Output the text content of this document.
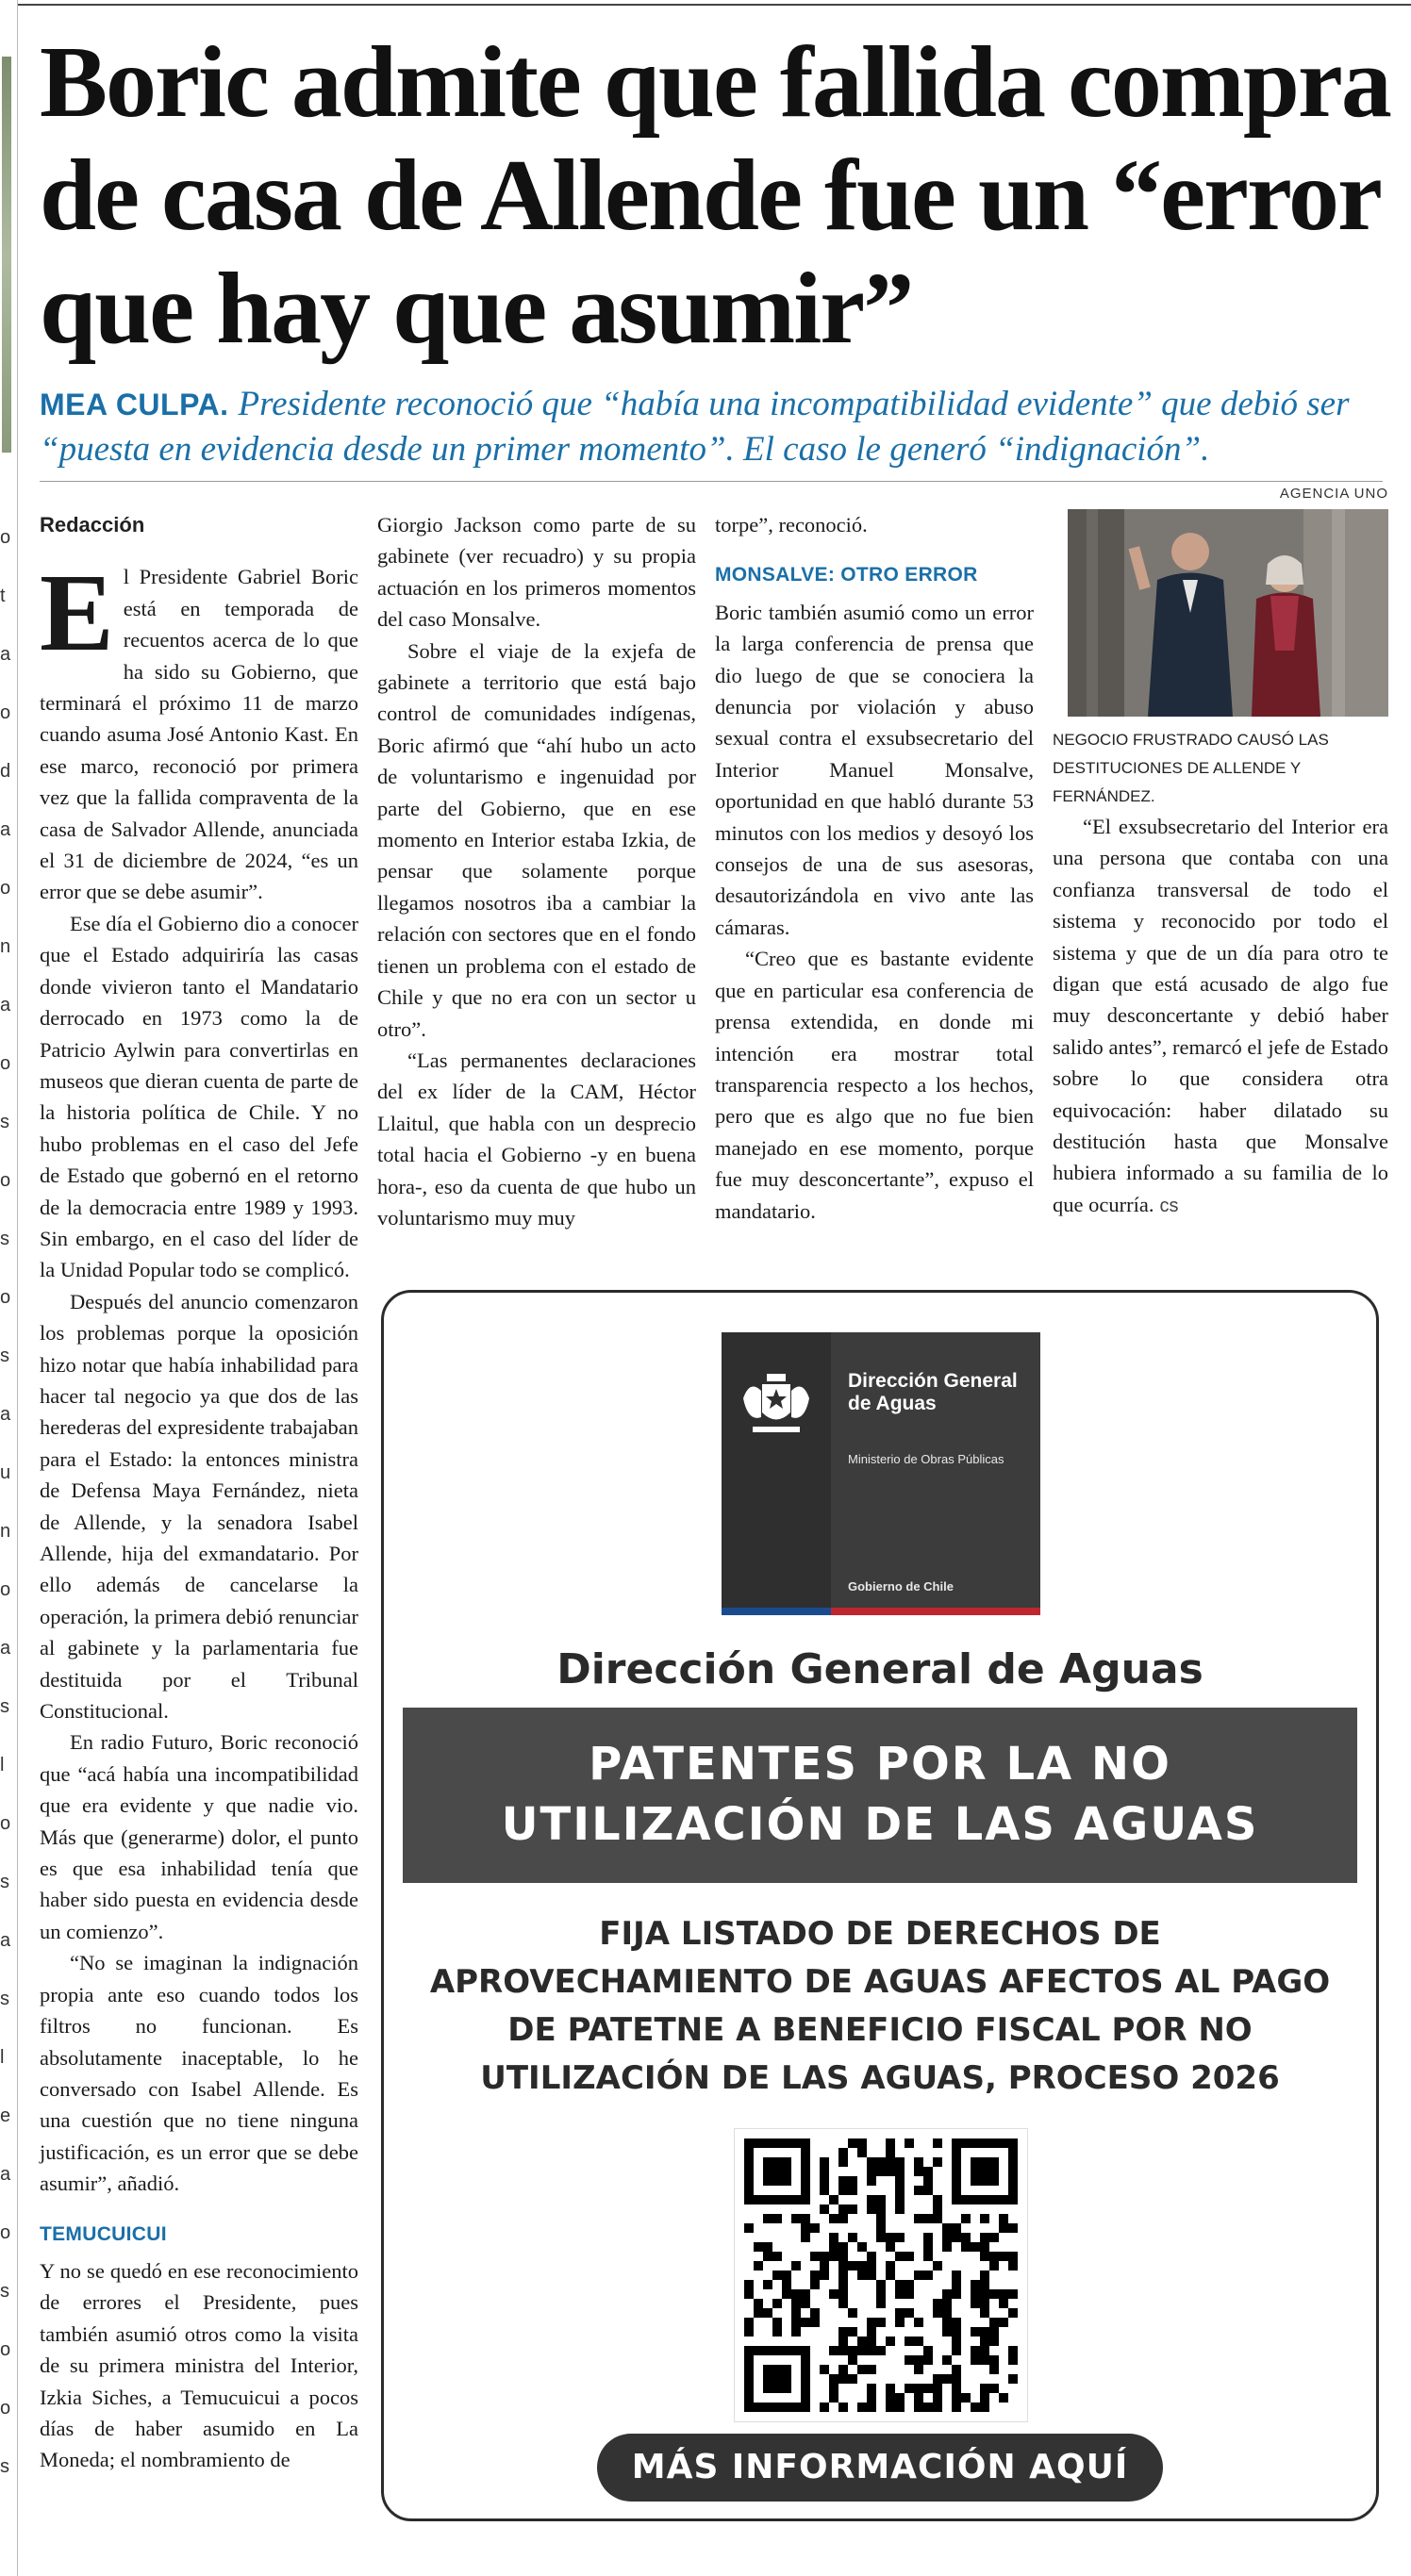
o
t
a
o
d
a
o
n
a
o
s
o
s
o
s
a
u
n
o
a
s
l
o
s
a
s
l
e
a
o
s
o
o
s
Boric admite que fallida compra de casa de Allende fue un “error que hay que asumir”

MEA CULPA. Presidente reconoció que “había una incompatibilidad evidente” que debió ser “puesta en evidencia desde un primer momento”. El caso le generó “indignación”.

Redacción

El Presidente Gabriel Boric está en temporada de recuentos acerca de lo que ha sido su Gobierno, que terminará el próximo 11 de marzo cuando asuma José Antonio Kast. En ese marco, reconoció por primera vez que la fallida compraventa de la casa de Salvador Allende, anunciada el 31 de diciembre de 2024, “es un error que se debe asumir”.

Ese día el Gobierno dio a conocer que el Estado adquiriría las casas donde vivieron tanto el Mandatario derrocado en 1973 como la de Patricio Aylwin para convertirlas en museos que dieran cuenta de parte de la historia política de Chile. Y no hubo problemas en el caso del Jefe de Estado que gobernó en el retorno de la democracia entre 1989 y 1993. Sin embargo, en el caso del líder de la Unidad Popular todo se complicó.

Después del anuncio comenzaron los problemas porque la oposición hizo notar que había inhabilidad para hacer tal negocio ya que dos de las herederas del expresidente trabajaban para el Estado: la entonces ministra de Defensa Maya Fernández, nieta de Allende, y la senadora Isabel Allende, hija del exmandatario. Por ello además de cancelarse la operación, la primera debió renunciar al gabinete y la parlamentaria fue destituida por el Tribunal Constitucional.

En radio Futuro, Boric reconoció que “acá había una incompatibilidad que era evidente y que nadie vio. Más que (generarme) dolor, el punto es que esa inhabilidad tenía que haber sido puesta en evidencia desde un comienzo”.

“No se imaginan la indignación propia ante eso cuando todos los filtros no funcionan. Es absolutamente inaceptable, lo he conversado con Isabel Allende. Es una cuestión que no tiene ninguna justificación, es un error que se debe asumir”, añadió.

TEMUCUICUI

Y no se quedó en ese reconocimiento de errores el Presidente, pues también asumió otros como la visita de su primera ministra del Interior, Izkia Siches, a Temucuicui a pocos días de haber asumido en La Moneda; el nombramiento de

Giorgio Jackson como parte de su gabinete (ver recuadro) y su propia actuación en los primeros momentos del caso Monsalve.

Sobre el viaje de la exjefa de gabinete a territorio que está bajo control de comunidades indígenas, Boric afirmó que “ahí hubo un acto de voluntarismo e ingenuidad por parte del Gobierno, que en ese momento en Interior estaba Izkia, de pensar que solamente porque llegamos nosotros iba a cambiar la relación con sectores que en el fondo tienen un problema con el estado de Chile y que no era con un sector u otro”.

“Las permanentes declaraciones del ex líder de la CAM, Héctor Llaitul, que habla con un desprecio total hacia el Gobierno -y en buena hora-, eso da cuenta de que hubo un voluntarismo muy muy

torpe”, reconoció.

MONSALVE: OTRO ERROR

Boric también asumió como un error la larga conferencia de prensa que dio luego de que se conociera la denuncia por violación y abuso sexual contra el exsubsecretario del Interior Manuel Monsalve, oportunidad en que habló durante 53 minutos con los medios y desoyó los consejos de una de sus asesoras, desautorizándola en vivo ante las cámaras.

“Creo que es bastante evidente que en particular esa conferencia de prensa extendida, en donde mi intención era mostrar total transparencia respecto a los hechos, pero que es algo que no fue bien manejado en ese momento, porque fue muy desconcertante”, expuso el mandatario.

AGENCIA UNO
NEGOCIO FRUSTRADO CAUSÓ LAS DESTITUCIONES DE ALLENDE Y FERNÁNDEZ.

“El exsubsecretario del Interior era una persona que contaba con una confianza transversal de todo el sistema y reconocido por todo el sistema y que de un día para otro te digan que está acusado de algo fue muy desconcertante y debió haber salido antes”, remarcó el jefe de Estado sobre lo que considera otra equivocación: haber dilatado su destitución hasta que Monsalve hubiera informado a su familia de lo que ocurría. cs

Dirección General de Aguas
Ministerio de Obras Públicas
Gobierno de Chile
Dirección General de Aguas
PATENTES POR LA NO
UTILIZACIÓN DE LAS AGUAS
FIJA LISTADO DE DERECHOS DE APROVECHAMIENTO DE AGUAS AFECTOS AL PAGO DE PATETNE A BENEFICIO FISCAL POR NO UTILIZACIÓN DE LAS AGUAS, PROCESO 2026
MÁS INFORMACIÓN AQUÍ
